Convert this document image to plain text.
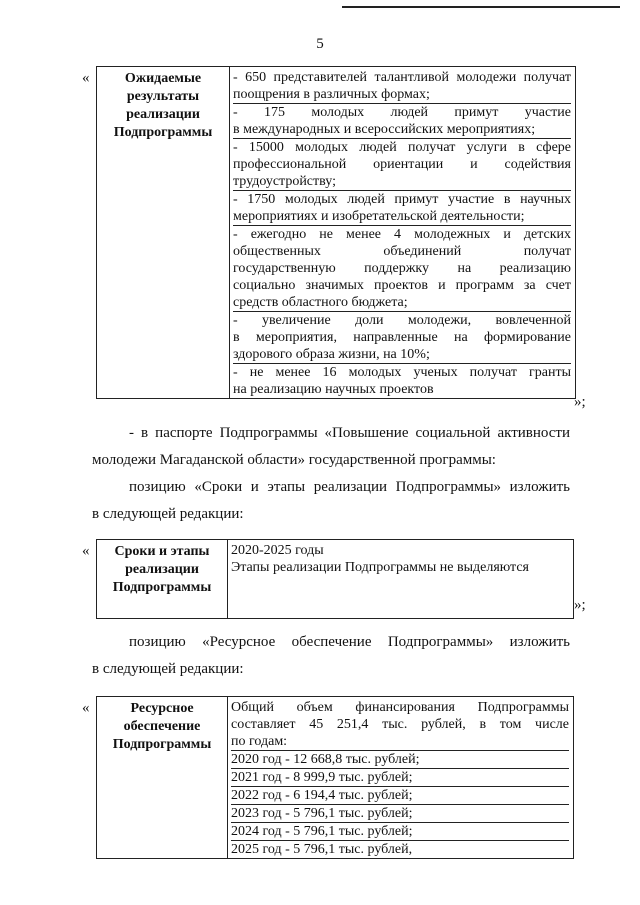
5
«	Ожидаемые
результаты
реализации
Подпрограммы

- 650 представителей талантливой молодежи получат
поощрения в различных формах;
- 175 молодых людей примут участие
в международных и всероссийских мероприятиях;
- 15000 молодых людей получат услуги в сфере
профессиональной ориентации и содействия
трудоустройству;
- 1750 молодых людей примут участие в научных
мероприятиях и изобретательской деятельности;
- ежегодно не менее 4 молодежных и детских
общественных объединений получат
государственную поддержку на реализацию
социально значимых проектов и программ за счет
средств областного бюджета;
- увеличение доли молодежи, вовлеченной
в мероприятия, направленные на формирование
здорового образа жизни, на 10%;
- не менее 16 молодых ученых получат гранты
на реализацию научных проектов
»;
- в паспорте Подпрограммы «Повышение социальной активности
молодежи Магаданской области» государственной программы:
позицию «Сроки и этапы реализации Подпрограммы» изложить
в следующей редакции:
«	Сроки и этапы
реализации
Подпрограммы

2020-2025 годы
Этапы реализации Подпрограммы не выделяются
»;
позицию «Ресурсное обеспечение Подпрограммы» изложить
в следующей редакции:
«	Ресурсное
обеспечение
Подпрограммы

Общий объем финансирования Подпрограммы
составляет 45 251,4 тыс. рублей, в том числе
по годам:
2020 год - 12 668,8 тыс. рублей;
2021 год - 8 999,9 тыс. рублей;
2022 год - 6 194,4 тыс. рублей;
2023 год - 5 796,1 тыс. рублей;
2024 год - 5 796,1 тыс. рублей;
2025 год - 5 796,1 тыс. рублей,
